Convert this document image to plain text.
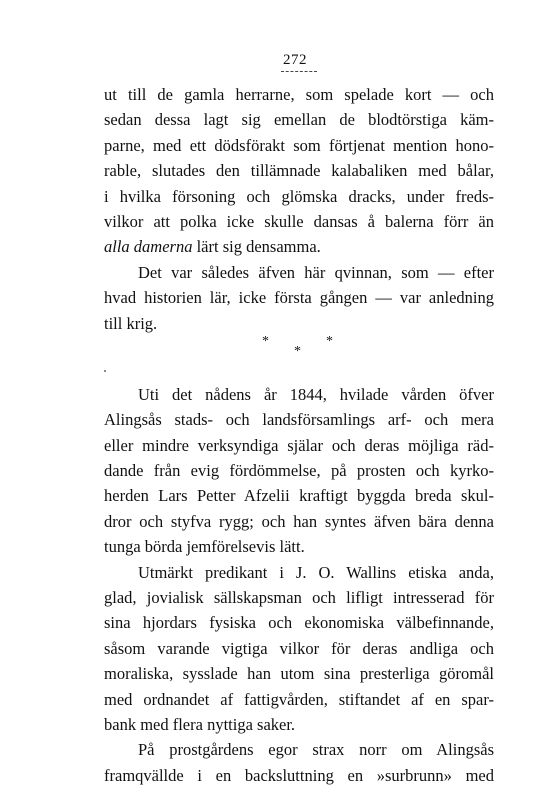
272
ut till de gamla herrarne, som spelade kort — och
sedan dessa lagt sig emellan de blodtörstiga käm-
parne, med ett dödsförakt som förtjenat mention hono-
rable, slutades den tillämnade kalabaliken med bålar,
i hvilka försoning och glömska dracks, under freds-
vilkor att polka icke skulle dansas å balerna förr än
alla damerna lärt sig densamma.
Det var således äfven här qvinnan, som — efter
hvad historien lär, icke första gången — var anledning
till krig.
*
*
*
Uti det nådens år 1844, hvilade vården öfver
Alingsås stads- och landsförsamlings arf- och mera
eller mindre verksyndiga själar och deras möjliga räd-
dande från evig fördömmelse, på prosten och kyrko-
herden Lars Petter Afzelii kraftigt byggda breda skul-
dror och styfva rygg; och han syntes äfven bära denna
tunga börda jemförelsevis lätt.
Utmärkt predikant i J. O. Wallins etiska anda,
glad, jovialisk sällskapsman och lifligt intresserad för
sina hjordars fysiska och ekonomiska välbefinnande,
såsom varande vigtiga vilkor för deras andliga och
moraliska, sysslade han utom sina presterliga göromål
med ordnandet af fattigvården, stiftandet af en spar-
bank med flera nyttiga saker.
På prostgårdens egor strax norr om Alingsås
framqvällde i en backsluttning en »surbrunn» med
